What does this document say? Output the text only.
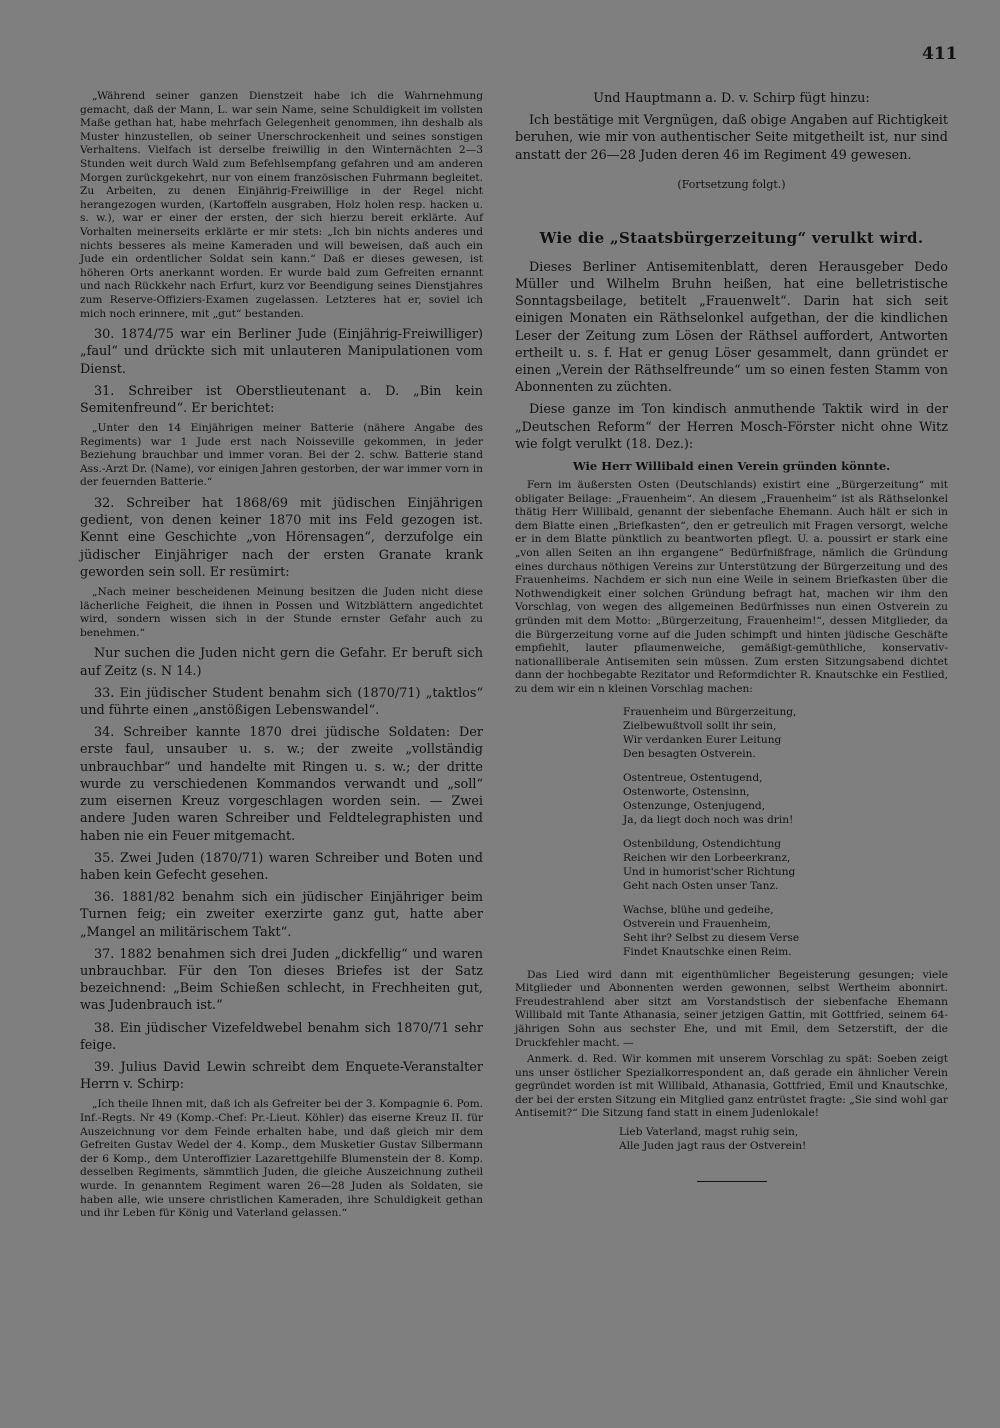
411

„Während seiner ganzen Dienstzeit habe ich die Wahrnehmung gemacht, daß der Mann, L. war sein Name, seine Schuldigkeit im vollsten Maße gethan hat, habe mehrfach Gelegenheit genommen, ihn deshalb als Muster hinzustellen, ob seiner Unerschrockenheit und seines sonstigen Verhaltens. Vielfach ist derselbe freiwillig in den Winternächten 2—3 Stunden weit durch Wald zum Befehlsempfang gefahren und am anderen Morgen zurückgekehrt, nur von einem französischen Fuhrmann begleitet. Zu Arbeiten, zu denen Einjährig-Freiwillige in der Regel nicht herangezogen wurden, (Kartoffeln ausgraben, Holz holen resp. hacken u. s. w.), war er einer der ersten, der sich hierzu bereit erklärte. Auf Vorhalten meinerseits erklärte er mir stets: „Ich bin nichts anderes und nichts besseres als meine Kameraden und will beweisen, daß auch ein Jude ein ordentlicher Soldat sein kann.“ Daß er dieses gewesen, ist höheren Orts anerkannt worden. Er wurde bald zum Gefreiten ernannt und nach Rückkehr nach Erfurt, kurz vor Beendigung seines Dienstjahres zum Reserve-Offiziers-Examen zugelassen. Letzteres hat er, soviel ich mich noch erinnere, mit „gut“ bestanden.

30. 1874/75 war ein Berliner Jude (Einjährig-Freiwilliger) „faul“ und drückte sich mit unlauteren Manipulationen vom Dienst.

31. Schreiber ist Oberstlieutenant a. D. „Bin kein Semitenfreund“. Er berichtet:

„Unter den 14 Einjährigen meiner Batterie (nähere Angabe des Regiments) war 1 Jude erst nach Noisseville gekommen, in jeder Beziehung brauchbar und immer voran. Bei der 2. schw. Batterie stand Ass.-Arzt Dr. (Name), vor einigen Jahren gestorben, der war immer vorn in der feuernden Batterie.“

32. Schreiber hat 1868/69 mit jüdischen Einjährigen gedient, von denen keiner 1870 mit ins Feld gezogen ist. Kennt eine Geschichte „von Hörensagen“, derzufolge ein jüdischer Einjähriger nach der ersten Granate krank geworden sein soll. Er resümirt:

„Nach meiner bescheidenen Meinung besitzen die Juden nicht diese lächerliche Feigheit, die ihnen in Possen und Witzblättern angedichtet wird, sondern wissen sich in der Stunde ernster Gefahr auch zu benehmen.“

Nur suchen die Juden nicht gern die Gefahr. Er beruft sich auf Zeitz (s. N 14.)

33. Ein jüdischer Student benahm sich (1870/71) „taktlos“ und führte einen „anstößigen Lebenswandel“.

34. Schreiber kannte 1870 drei jüdische Soldaten: Der erste faul, unsauber u. s. w.; der zweite „vollständig unbrauchbar“ und handelte mit Ringen u. s. w.; der dritte wurde zu verschiedenen Kommandos verwandt und „soll“ zum eisernen Kreuz vorgeschlagen worden sein. — Zwei andere Juden waren Schreiber und Feldtelegraphisten und haben nie ein Feuer mitgemacht.

35. Zwei Juden (1870/71) waren Schreiber und Boten und haben kein Gefecht gesehen.

36. 1881/82 benahm sich ein jüdischer Einjähriger beim Turnen feig; ein zweiter exerzirte ganz gut, hatte aber „Mangel an militärischem Takt“.

37. 1882 benahmen sich drei Juden „dickfellig“ und waren unbrauchbar. Für den Ton dieses Briefes ist der Satz bezeichnend: „Beim Schießen schlecht, in Frechheiten gut, was Judenbrauch ist.“

38. Ein jüdischer Vizefeldwebel benahm sich 1870/71 sehr feige.

39. Julius David Lewin schreibt dem Enquete-Veranstalter Herrn v. Schirp:

„Ich theile Ihnen mit, daß ich als Gefreiter bei der 3. Kompagnie 6. Pom. Inf.-Regts. Nr 49 (Komp.-Chef: Pr.-Lieut. Köhler) das eiserne Kreuz II. für Auszeichnung vor dem Feinde erhalten habe, und daß gleich mir dem Gefreiten Gustav Wedel der 4. Komp., dem Musketier Gustav Silbermann der 6 Komp., dem Unteroffizier Lazarettgehilfe Blumenstein der 8. Komp. desselben Regiments, sämmtlich Juden, die gleiche Auszeichnung zutheil wurde. In genanntem Regiment waren 26—28 Juden als Soldaten, sie haben alle, wie unsere christlichen Kameraden, ihre Schuldigkeit gethan und ihr Leben für König und Vaterland gelassen.“

Und Hauptmann a. D. v. Schirp fügt hinzu:

Ich bestätige mit Vergnügen, daß obige Angaben auf Richtigkeit beruhen, wie mir von authentischer Seite mitgetheilt ist, nur sind anstatt der 26—28 Juden deren 46 im Regiment 49 gewesen.

(Fortsetzung folgt.)

Wie die „Staatsbürgerzeitung“ verulkt wird.

Dieses Berliner Antisemitenblatt, deren Herausgeber Dedo Müller und Wilhelm Bruhn heißen, hat eine belletristische Sonntagsbeilage, betitelt „Frauenwelt“. Darin hat sich seit einigen Monaten ein Räthselonkel aufgethan, der die kindlichen Leser der Zeitung zum Lösen der Räthsel auffordert, Antworten ertheilt u. s. f. Hat er genug Löser gesammelt, dann gründet er einen „Verein der Räthselfreunde“ um so einen festen Stamm von Abonnenten zu züchten.

Diese ganze im Ton kindisch anmuthende Taktik wird in der „Deutschen Reform“ der Herren Mosch-Förster nicht ohne Witz wie folgt verulkt (18. Dez.):

Wie Herr Willibald einen Verein gründen könnte.

Fern im äußersten Osten (Deutschlands) existirt eine „Bürgerzeitung“ mit obligater Beilage: „Frauenheim“. An diesem „Frauenheim“ ist als Räthselonkel thätig Herr Willibald, genannt der siebenfache Ehemann. Auch hält er sich in dem Blatte einen „Briefkasten“, den er getreulich mit Fragen versorgt, welche er in dem Blatte pünktlich zu beantworten pflegt. U. a. poussirt er stark eine „von allen Seiten an ihn ergangene“ Bedürfnißfrage, nämlich die Gründung eines durchaus nöthigen Vereins zur Unterstützung der Bürgerzeitung und des Frauenheims. Nachdem er sich nun eine Weile in seinem Briefkasten über die Nothwendigkeit einer solchen Gründung befragt hat, machen wir ihm den Vorschlag, von wegen des allgemeinen Bedürfnisses nun einen Ostverein zu gründen mit dem Motto: „Bürgerzeitung, Frauenheim!“, dessen Mitglieder, da die Bürgerzeitung vorne auf die Juden schimpft und hinten jüdische Geschäfte empfiehlt, lauter pflaumenweiche, gemäßigt-gemüthliche, konservativ-nationalliberale Antisemiten sein müssen. Zum ersten Sitzungsabend dichtet dann der hochbegabte Rezitator und Reformdichter R. Knautschke ein Festlied, zu dem wir ein n kleinen Vorschlag machen:

Frauenheim und Bürgerzeitung,
Zielbewußtvoll sollt ihr sein,
Wir verdanken Eurer Leitung
Den besagten Ostverein.
Ostentreue, Ostentugend,
Ostenworte, Ostensinn,
Ostenzunge, Ostenjugend,
Ja, da liegt doch noch was drin!
Ostenbildung, Ostendichtung
Reichen wir den Lorbeerkranz,
Und in humorist'scher Richtung
Geht nach Osten unser Tanz.
Wachse, blühe und gedeihe,
Ostverein und Frauenheim,
Seht ihr? Selbst zu diesem Verse
Findet Knautschke einen Reim.

Das Lied wird dann mit eigenthümlicher Begeisterung gesungen; viele Mitglieder und Abonnenten werden gewonnen, selbst Wertheim abonnirt. Freudestrahlend aber sitzt am Vorstandstisch der siebenfache Ehemann Willibald mit Tante Athanasia, seiner jetzigen Gattin, mit Gottfried, seinem 64-jährigen Sohn aus sechster Ehe, und mit Emil, dem Setzerstift, der die Druckfehler macht. —

Anmerk. d. Red. Wir kommen mit unserem Vorschlag zu spät: Soeben zeigt uns unser östlicher Spezialkorrespondent an, daß gerade ein ähnlicher Verein gegründet worden ist mit Willibald, Athanasia, Gottfried, Emil und Knautschke, der bei der ersten Sitzung ein Mitglied ganz entrüstet fragte: „Sie sind wohl gar Antisemit?“ Die Sitzung fand statt in einem Judenlokale!

Lieb Vaterland, magst ruhig sein,
Alle Juden jagt raus der Ostverein!
